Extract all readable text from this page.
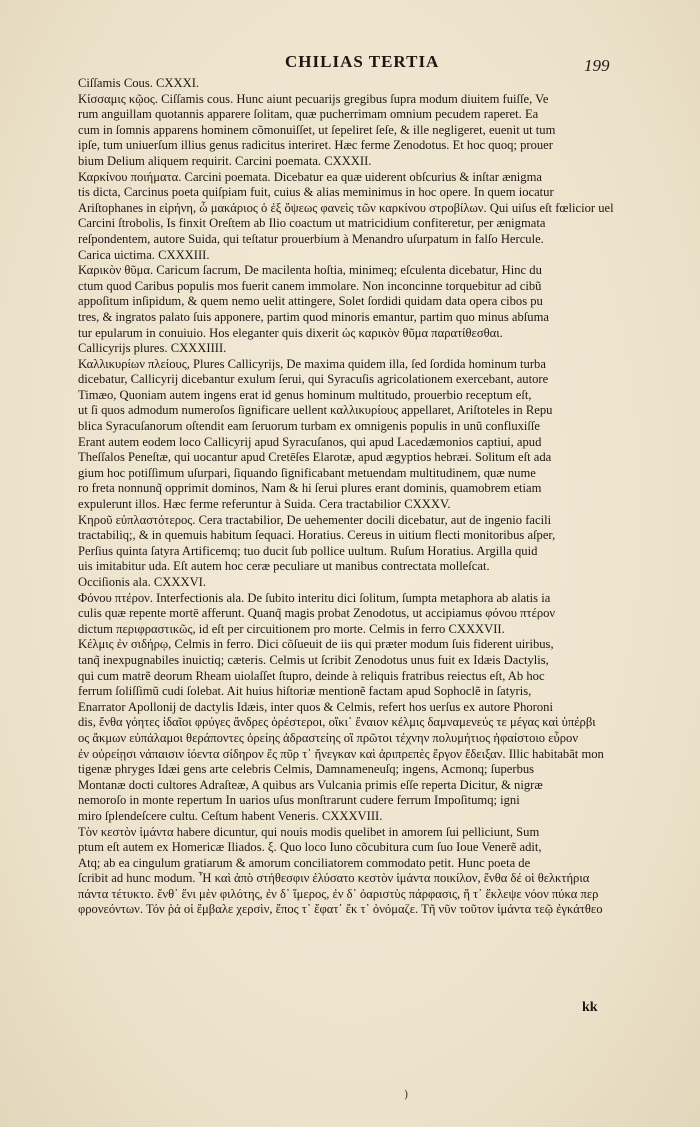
CHILIAS TERTIA	199
Ciſſamis Cous. CXXXI.
Κίσσαμις κῷος. Ciſſamis cous. Hunc aiunt pecuarijs gregibus ſupra modum diuitem fuiſſe, Ve
rum anguillam quotannis apparere ſolitam, quæ pucherrimam omnium pecudem raperet. Ea
cum in ſomnis apparens hominem cõmonuiſſet, ut ſepeliret ſeſe, & ille negligeret, euenit ut tum
ipſe, tum uniuerſum illius genus radicitus interiret. Hæc ferme Zenodotus. Et hoc quoq; prouer
bium Delium aliquem requirit. Carcini poemata. CXXXII.
Καρκίνου ποιήματα. Carcini poemata. Dicebatur ea quæ uiderent obſcurius & inſtar ænigma
tis dicta, Carcinus poeta quiſpiam fuit, cuius & alias meminimus in hoc opere. In quem iocatur
Ariſtophanes in εἰρήνη, ὦ μακάριος ὁ ἐξ ὄψεως φανεὶς τῶν καρκίνου στροβίλων. Qui uiſus eſt fœlicior uel
Carcini ſtrobolis, Is finxit Oreſtem ab Ilio coactum ut matricidium confiteretur, per ænigmata
reſpondentem, autore Suida, qui teſtatur prouerbium à Menandro uſurpatum in falſo Hercule.
Carica uictima. CXXXIII.
Καρικὸν θῦμα. Caricum ſacrum, De macilenta hoſtia, minimeq; eſculenta dicebatur, Hinc du
ctum quod Caribus populis mos fuerit canem immolare. Non inconcinne torquebitur ad cibũ
appoſitum inſipidum, & quem nemo uelit attingere, Solet ſordidi quidam data opera cibos pu
tres, & ingratos palato ſuis apponere, partim quod minoris emantur, partim quo minus abſuma
tur epularum in conuiuio. Hos eleganter quis dixerit ὡς καρικὸν θῦμα παρατίθεσθαι.
Callicyrijs plures. CXXXIIII.
Καλλικυρίων πλείους, Plures Callicyrijs, De maxima quidem illa, ſed ſordida hominum turba
dicebatur, Callicyrij dicebantur exulum ſerui, qui Syracuſis agricolationem exercebant, autore
Timæo, Quoniam autem ingens erat id genus hominum multitudo, prouerbio receptum eſt,
ut ſi quos admodum numeroſos ſignificare uellent καλλικυρίους appellaret, Ariſtoteles in Repu
blica Syracuſanorum oſtendit eam ſeruorum turbam ex omnigenis populis in unũ confluxiſſe
Erant autem eodem loco Callicyrij apud Syracuſanos, qui apud Lacedæmonios captiui, apud
Theſſalos Peneſtæ, qui uocantur apud Cretēſes Elarotæ, apud ægyptios hebræi. Solitum eſt ada
gium hoc potiſſimum uſurpari, ſiquando ſignificabant metuendam multitudinem, quæ nume
ro freta nonnunq̃ opprimit dominos, Nam & hi ſerui plures erant dominis, quamobrem etiam
expulerunt illos. Hæc ferme referuntur à Suida. Cera tractabilior CXXXV.
Κηροῦ εὐπλαστότερος. Cera tractabilior, De uehementer docili dicebatur, aut de ingenio facili
tractabiliq;, & in quemuis habitum ſequaci. Horatius. Cereus in uitium flecti monitoribus aſper,
Perſius quinta ſatyra Artificemq; tuo ducit ſub pollice uultum. Ruſum Horatius. Argilla quid
uis imitabitur uda. Eſt autem hoc ceræ peculiare ut manibus contrectata molleſcat.
Occiſionis ala. CXXXVI.
Φόνου πτέρον. Interfectionis ala. De ſubito interitu dici ſolitum, ſumpta metaphora ab alatis ia
culis quæ repente mortē afferunt. Quanq̃ magis probat Zenodotus, ut accipiamus φόνου πτέρον
dictum περιφραστικῶς, id eſt per circuitionem pro morte. Celmis in ferro CXXXVII.
Κέλμις ἐν σιδήρῳ, Celmis in ferro. Dici cõſueuit de iis qui præter modum ſuis fiderent uiribus,
tanq̃ inexpugnabiles inuictiq; cæteris. Celmis ut ſcribit Zenodotus unus fuit ex Idæis Dactylis,
qui cum matrẽ deorum Rheam uiolaſſet ſtupro, deinde à reliquis fratribus reiectus eſt, Ab hoc
ferrum ſoliſſimũ cudi ſolebat. Ait huius hiſtoriæ mentionẽ factam apud Sophoclẽ in ſatyris,
Enarrator Apollonij de dactylis Idæis, inter quos & Celmis, refert hos uerſus ex autore Phoroni
dis, ἔνθα γόητες ἰδαῖοι φρύγες ἄνδρες ὀρέστεροι, οἴκι᾽ ἔναιον κέλμις δαμναμενεύς τε μέγας καὶ ὑπέρβι
ος ἄκμων εὐπάλαμοι θεράποντες ὀρείης ἀδραστείης οἳ πρῶτοι τέχνην πολυμήτιος ἡφαίστοιο εὗρον
ἐν οὐρείῃσι νάπαισιν ἰόεντα σίδηρον ἔς πῦρ τ᾽ ἤνεγκαν καὶ ἀριπρεπὲς ἔργον ἔδειξαν. Illic habitabãt mon
tigenæ phryges Idæi gens arte celebris Celmis, Damnameneuſq; ingens, Acmonq; ſuperbus
Montanæ docti cultores Adraſteæ, A quibus ars Vulcania primis eſſe reperta Dicitur, & nigræ
nemoroſo in monte repertum In uarios uſus monſtrarunt cudere ferrum Impoſitumq; igni
miro ſplendeſcere cultu. Ceſtum habent Veneris. CXXXVIII.
Τὸν κεστὸν ἱμάντα habere dicuntur, qui nouis modis quelibet in amorem ſui pelliciunt, Sum
ptum eſt autem ex Homericæ Iliados. ξ. Quo loco Iuno cõcubitura cum ſuo Ioue Venerẽ adit,
Atq; ab ea cingulum gratiarum & amorum conciliatorem commodato petit. Hunc poeta de
ſcribit ad hunc modum. Ἦ καὶ ἀπὸ στήθεσφιν ἐλύσατο κεστὸν ἱμάντα ποικίλον, ἔνθα δέ οἱ θελκτήρια
πάντα τέτυκτο. ἔνθ᾽ ἔνι μὲν φιλότης, ἐν δ᾽ ἵμερος, ἐν δ᾽ ὀαριστὺς πάρφασις, ἥ τ᾽ ἔκλεψε νόον πύκα περ
φρονεόντων. Τόν ῥά οἱ ἔμβαλε χερσὶν, ἔπος τ᾽ ἔφατ᾽ ἔκ τ᾽ ὀνόμαζε. Τῆ νῦν τοῦτον ἱμάντα τεῷ ἐγκάτθεο
kk
)
